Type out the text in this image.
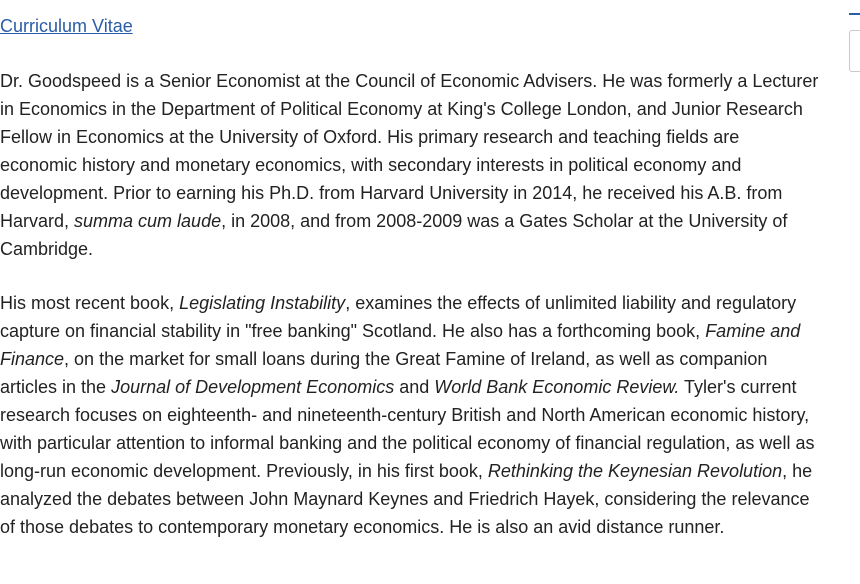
Curriculum Vitae

Dr. Goodspeed is a Senior Economist at the Council of Economic Advisers. He was formerly a Lecturer
in Economics in the Department of Political Economy at King's College London, and Junior Research
Fellow in Economics at the University of Oxford. His primary research and teaching fields are
economic history and monetary economics, with secondary interests in political economy and
development. Prior to earning his Ph.D. from Harvard University in 2014, he received his A.B. from
Harvard, summa cum laude, in 2008, and from 2008-2009 was a Gates Scholar at the University of
Cambridge.

His most recent book, Legislating Instability, examines the effects of unlimited liability and regulatory
capture on financial stability in "free banking" Scotland. He also has a forthcoming book, Famine and
Finance, on the market for small loans during the Great Famine of Ireland, as well as companion
articles in the Journal of Development Economics and World Bank Economic Review. Tyler's current
research focuses on eighteenth- and nineteenth-century British and North American economic history,
with particular attention to informal banking and the political economy of financial regulation, as well as
long-run economic development. Previously, in his first book, Rethinking the Keynesian Revolution, he
analyzed the debates between John Maynard Keynes and Friedrich Hayek, considering the relevance
of those debates to contemporary monetary economics. He is also an avid distance runner.
